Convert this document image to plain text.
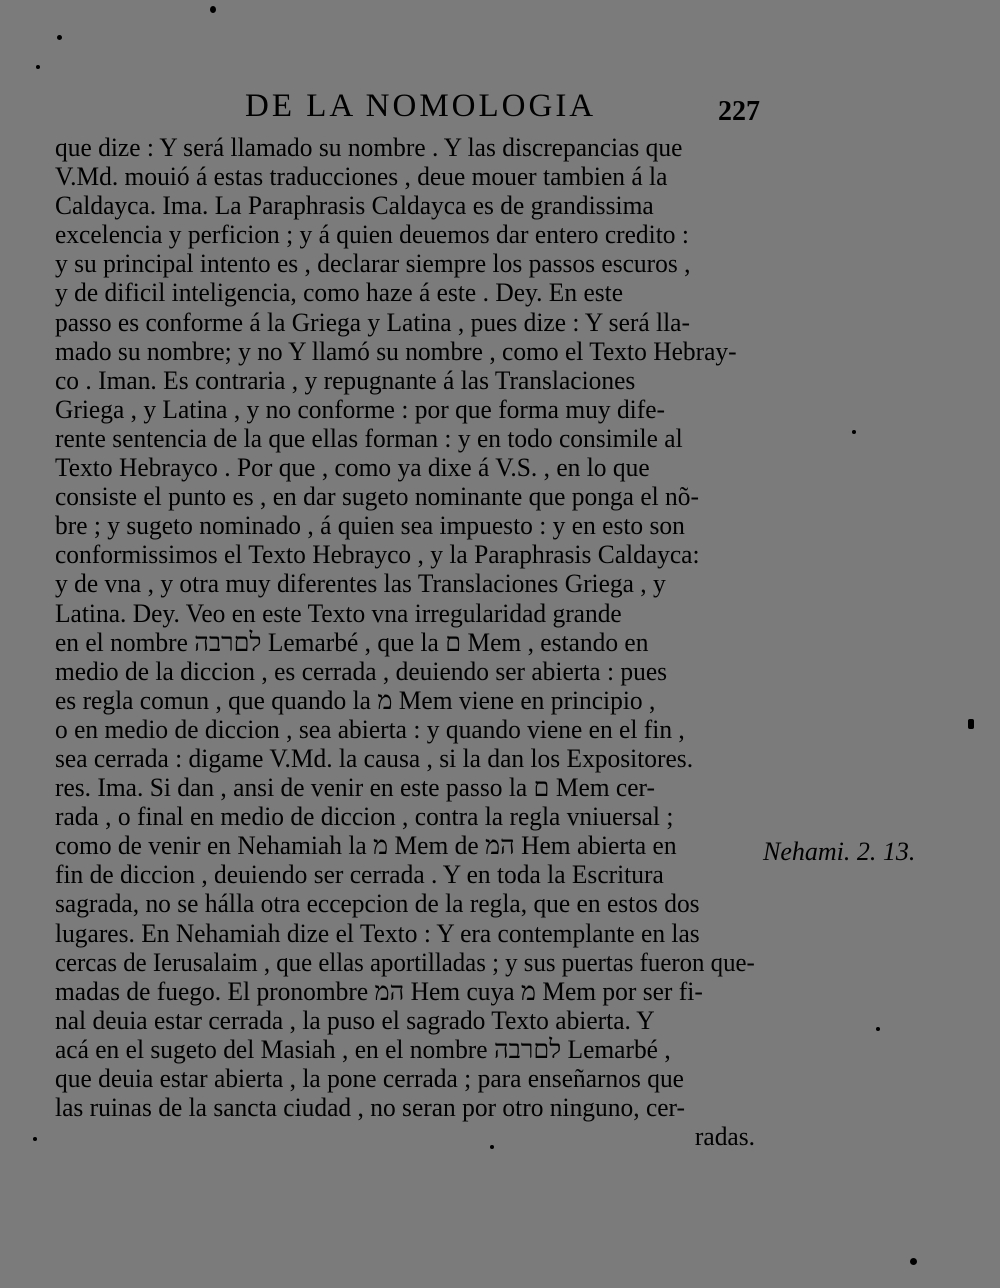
DE LA NOMOLOGIA	227
que dize : Y será llamado su nombre . Y las discrepancias que
V.Md. mouió á estas traducciones , deue mouer tambien á la
Caldayca. Ima. La Paraphrasis Caldayca es de grandissima
excelencia y perficion ; y á quien deuemos dar entero credito :
y su principal intento es , declarar siempre los passos escuros ,
y de dificil inteligencia, como haze á este . Dey. En este
passo es conforme á la Griega y Latina , pues dize : Y será lla-
mado su nombre; y no Y llamó su nombre , como el Texto Hebray-
co . Iman. Es contraria , y repugnante á las Translaciones
Griega , y Latina , y no conforme : por que forma muy dife-
rente sentencia de la que ellas forman : y en todo consimile al
Texto Hebrayco . Por que , como ya dixe á V.S. , en lo que
consiste el punto es , en dar sugeto nominante que ponga el nõ-
bre ; y sugeto nominado , á quien sea impuesto : y en esto son
conformissimos el Texto Hebrayco , y la Paraphrasis Caldayca:
y de vna , y otra muy diferentes las Translaciones Griega , y
Latina. Dey. Veo en este Texto vna irregularidad grande
en el nombre לםרבה Lemarbé , que la ם Mem , estando en
medio de la diccion , es cerrada , deuiendo ser abierta : pues
es regla comun , que quando la מ Mem viene en principio ,
o en medio de diccion , sea abierta : y quando viene en el fin ,
sea cerrada : digame V.Md. la causa , si la dan los Expositores.
res. Ima. Si dan , ansi de venir en este passo la ם Mem cer-
rada , o final en medio de diccion , contra la regla vniuersal ;
como de venir en Nehamiah la מ Mem de המ Hem abierta en
fin de diccion , deuiendo ser cerrada . Y en toda la Escritura
sagrada, no se hálla otra eccepcion de la regla, que en estos dos
lugares. En Nehamiah dize el Texto : Y era contemplante en las
cercas de Ierusalaim , que ellas aportilladas ; y sus puertas fueron que-
madas de fuego. El pronombre המ Hem cuya מ Mem por ser fi-
nal deuia estar cerrada , la puso el sagrado Texto abierta. Y
acá en el sugeto del Masiah , en el nombre לםרבה Lemarbé ,
que deuia estar abierta , la pone cerrada ; para enseñarnos que
las ruinas de la sancta ciudad , no seran por otro ninguno, cer-
radas.
Nehami. 2. 13.
